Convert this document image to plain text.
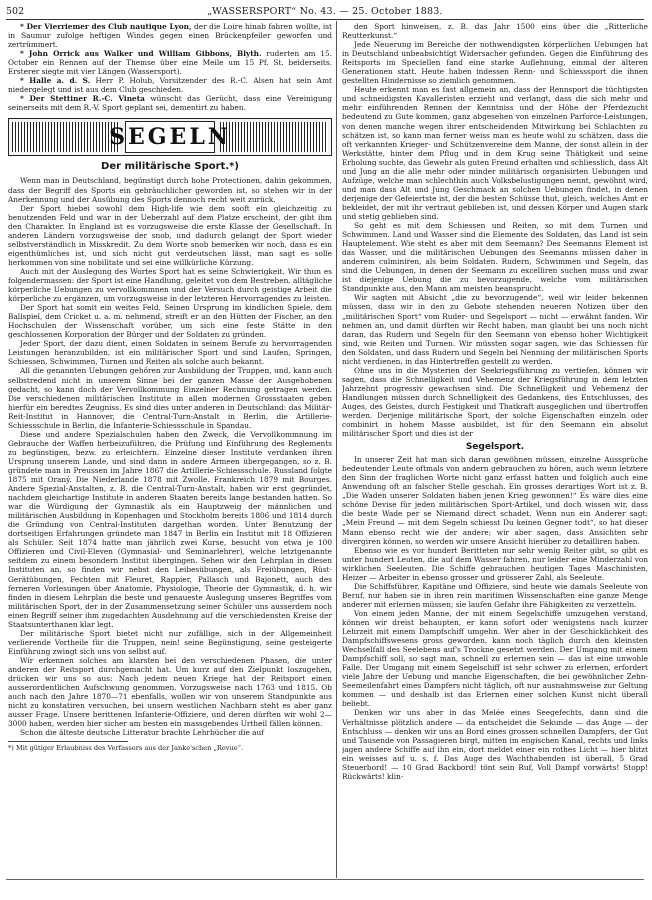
502	„WASSERSPORT“ No. 43. — 25. October 1883.

* Der Vierriemer des Club nautique Lyon, der die Loire hinab fahren wollte, ist in Saumur zufolge heftigen Windes gegen einen Brückenpfeiler geworfen und zertrümmert.

* John Orrick aus Walker und William Gibbons, Blyth. ruderten am 15. October ein Rennen auf der Themse über eine Meile um 15 Pf. St. beiderseits. Ersterer siegte mit vier Längen (Wassersport).

* Halle a. d. S. Herr P. Holub, Vorsitzender des R.-C. Alsen hat sein Amt niedergelegt und ist aus dem Club geschieden.

* Der Stettiner R.-C. Vineta wünscht das Gerücht, dass eine Vereinigung seinerseits mit dem R.-V. Sport geplant sei, dementirt zu haben.

SEGELN
Der militärische Sport.*)

Wenn man in Deutschland, begünstigt durch hohe Protectionen, dahin gekommen, dass der Begriff des Sports ein gebräuchlicher geworden ist, so stehen wir in der Anerkennung und der Ausübung des Sports dennoch recht weit zurück.

Der Sport hiebei sowohl dem High-life wie dem sooft ein gleichzeitig zu benutzenden Feld und war in der Ueberzahl auf dem Platze erscheint, der gibt ihm den Charakter. In England ist es vorzugsweise die erste Klasse der Gesellschaft. In anderen Ländern vorzugsweise der snob, und dadurch gelangt der Sport wieder selbstverständlich in Misskredit. Zu dem Worte snob bemerken wir noch, dass es ein eigenthümliches ist, und sich nicht gut verdeutschen lässt, man sagt es solle herkommen von sine nobilitate und sei eine willkürliche Kürzung.

Auch mit der Auslegung des Wortes Sport hat es seine Schwierigkeit. Wir thun es folgendermassen: der Sport ist eine Handlung, geleitet von dem Bestreben, alltägliche körperliche Uebungen zu vervollkommnen und der Versuch durch geistige Arbeit die körperliche zu ergänzen, um vorzugsweise in der letzteren Hervorragendes zu leisten.

Der Sport hat somit ein weites Feld. Seinen Ursprung im kindlichen Spiele, dem Ballspiel, dem Cricket u. a. m. nehmend, streift er an den Hütten der Fischer, an den Hochschulen der Wissenschaft vorüber, um sich eine feste Stätte in den geschlossenen Korporation der Bürger und der Soldaten zu gründen.

Jeder Sport, der dazu dient, einen Soldaten in seinem Berufe zu hervorragenden Leistungen heranzubilden, ist ein militärischer Sport und sind Laufen, Springen, Schiessen, Schwimmen, Turnen und Reiten als solche auch bekannt.

All die genannten Uebungen gehören zur Ausbildung der Truppen, und, kann auch selbstredend nicht in unserem Sinne bei der ganzen Masse der Ausgehobenen gedacht, so kann doch der Vervollkommung Einzelner Rechnung getragen werden. Die verschiedenen militärischen Institute in allen modernen Grossstaaten geben hierfür ein beredtes Zeugniss. Es sind dies unter anderen in Deutschland: das Militär-Reit-Institut in Hannover, die Central-Turn-Anstalt in Berlin, die Artillerie-Schiessschule in Berlin, die Infanterie-Schiessschule in Spandau.

Diese und andere Spezialschulen haben den Zweck, die Vervollkommnung im Gebrauche der Waffen herbeizuführen, die Prüfung und Einführung des Reglements zu begünstigen, bezw. zu erleichtern. Einzelne dieser Institute verdanken ihren Ursprung unserem Lande, und sind dann in andere Armeen übergegangen, so z. B. gründete man in Preussen im Jahre 1867 die Artillerie-Schiessschule. Russland folgte 1875 mit Oraný. Die Niederlande 1878 mit Zwolle. Frankreich 1879 mit Bourges. Andere Spezial-Anstalten, z. B. die Central-Turn-Anstalt, haben wir erst gegründet, nachdem gleichartige Institute in anderen Staaten bereits lange bestanden hatten. So war die Würdigung der Gymnastik als ein Hauptzweig der männlichen und militärischen Ausbildung in Kopenhagen und Stockholm bereits 1806 und 1814 durch die Gründung von Central-Instituten dargethan worden. Unter Benutzung der dortseitigen Erfahrungen gründete man 1847 in Berlin ein Institut mit 18 Offizieren als Schüler. Seit 1874 hatte man jährlich zwei Kurse, besucht von etwa je 100 Offizieren und Civil-Eleven (Gymnasial- und Seminarlehrer), welche letztgenannte seitdem zu einem besondern Institut übergingen. Sehen wir den Lehrplan in diesen Instituten an, so finden wir nebst den Leibesübungen, als Freiübungen, Rüst-Gerätübungen, Fechten mit Fleuret, Rappier, Pallasch und Bajonett, auch des ferneren Vorlesungen über Anatomie, Physiologie, Theorie der Gymnastik, d. h. wir finden in diesem Lehrplan die beste und genaueste Auslegung unseres Begriffes vom militärischen Sport, der in der Zusammensetzung seiner Schüler uns ausserdem noch einen Begriff seiner ihm zugedachten Ausdehnung auf die verschiedensten Kreise der Staatsunterthanen klar legt.

Der militärische Sport bietet nicht nur zufällige, sich in der Allgemeinheit verlierende Vortheile für die Truppen, nein! seine Begünstigung, seine gesteigerte Einführung zwingt sich uns von selbst auf.

Wir erkennen solches am klarsten bei den verschiedenen Phasen, die unter anderen der Reitsport durchgemacht hat. Um kurz auf den Zielpunkt loszugehen, drücken wir uns so aus: Nach jedem neuen Kriege hat der Reitsport einen ausserordentlichen Aufschwung genommen. Vorzugsweise nach 1763 und 1815. Ob auch nach den Jahre 1870—71 ebenfalls, wollen wir von unserem Standpunkte aus nicht zu konstatiren versuchen, bei unsern westlichen Nachbarn steht es aber ganz ausser Frage. Unsere berittenen Infanterie-Offiziere, und deren dürften wir wohl 2—3000 haben, werden hier sicher am besten ein massgebendes Urtheil fällen können.

Schon die älteste deutsche Litteratur brachte Lehrbücher die auf

*) Mit gütiger Erlaubniss des Verfassers aus der Janke'schen „Revue“.

den Sport hinweisen, z. B. das Jahr 1500 eins über die „Ritterliche Reutterkunst.“

Jede Neuerung im Bereiche der nothwendigsten körperlichen Uebungen hat in Deutschland unbeabsichtigt Widersacher gefunden. Gegen die Einführung des Reitsports im Speciellen fand eine starke Auflehnung, einmal der älteren Generationen statt. Heute haben indessen Renn- und Schiesssport die ihnen gestellten Hindernisse so ziemlich genommen.

Heute erkennt man es fast allgemein an, dass der Rennsport die tüchtigsten und schneidigsten Kavalleristen erzieht und verlangt, dass die sich mehr und mehr einführenden Rennen der Kenntniss und der Höhe der Pferdezucht bedeutend zu Gute kommen, ganz abgesehen von einzelnen Parforce-Leistungen, von denen manche wegen ihrer entscheidenden Mitwirkung bei Schlachten zu schätzen ist, so kann man ferner weiss man es heute wohl zu schätzen, dass die oft verkannten Krieger- und Schützenvereine dem Manne, der sonst allein in der Werkstätte, hinter dem Pflug und in dem Krug seine Thätigkeit und seine Erholung suchte, das Gewehr als guten Freund erhalten und schliesslich, dass Alt und Jung an die alle mehr oder minder militärisch organisirten Uebungen und Aufzüge, welche man schlechthin auch Volksbelustigungen nennt, gewöhnt wird, und man dass Alt und Jung Geschmack an solchen Uebungen findet, in denen derjenige der Gefeiertste ist, der die besten Schüsse thut, gleich, welches Amt er bekleidet, der mit ihr vertraut geblieben ist, und dessen Körper und Augen stark und stetig geblieben sind.

So geht es mit dem Schiessen und Reiten, so mit dem Turnen und Schwimmen. Land und Wasser sind die Elemente des Soldaten, das Land ist sein Hauptelement. Wie steht es aber mit dem Seemann? Des Seemanns Element ist das Wasser, und die militärischen Uebungen des Seemanns müssen daher in anderem culminiren, als beim Soldaten. Rudern, Schwimmen und Segeln, das sind die Uebungen, in denen der Seemann zu excelliren suchen muss und zwar ist diejenige Uebung die zu bevorzugende, welche vom militärischen Standpunkte aus, den Mann am meisten beansprucht.

Wir sagten mit Absicht „die zu bevorzugende“, weil wir leider bekennen müssen, dass wir in den zu Gebote stehenden neueren Notizen über den „militärischen Sport“ vom Ruder- und Segelsport — nicht — erwähnt fanden. Wir nehmen an, und damit dürften wir Recht haben, man glaubt bei uns noch nicht daran, das Rudern und Segeln für den Seemann von ebenso hoher Wichtigkeit sind, wie Reiten und Turnen. Wir müssten sogar sagen, wie das Schiessen für den Soldaten, und dass Rudern und Segeln bei Nennung der militärischen Sports nicht verdienen, in das Hintertreffen gestellt zu werden.

Ohne uns in die Mysterien der Seekriegsführung zu vertiefen, können wir sagen, dass die Schnelligkeit und Vehemenz der Kriegsführung in dem letzten Jahrzehnt progressiv gewachsen sind. Die Schnelligkeit und Vehemenz der Handlungen müssen durch Schnelligkeit des Gedankens, des Entschlusses, des Auges, des Geistes, durch Festigkeit und Thatkraft ausgeglichen und übertroffen werden. Derjenige militärische Sport, der solche Eigenschaften einzeln oder combinirt in hohem Masse ausbildet, ist für den Seemann ein absolut militärischer Sport und dies ist der

Segelsport.

In unserer Zeit hat man sich daran gewöhnen müssen, einzelne Aussprüche bedeutender Leute oftmals von andern gebrauchen zu hören, auch wenn letztere den Sinn der fraglichen Worte nicht ganz erfasst hatten und folglich auch eine Anwendung oft an falscher Stelle geschah. Ein grosses derartiges Wort ist z. B. „Die Waden unserer Soldaten haben jenen Krieg gewonnen!“ Es wäre dies eine schöne Devise für jeden militärischen Sport-Artikel, und doch wissen wir, dass die beste Wade per se Niemand direct schadet. Wenn nun ein Anderer sagt: „Mein Freund — mit dem Segeln schiesst Du keinen Gegner todt“, so hat dieser Mann ebenso recht wie der andere; wir aber sagen, dass Ansichten sehr divergiren können, so werden wir unsere Ansicht hierüber zu detailliren haben.

Ebenso wie es vor hundert Beritteten nur sehr wenig Reiter gibt, so gibt es unter hundert Leuten, die auf dem Wasser fahren, nur leider eine Minderzahl von wirklichen Seeleuten. Die Schiffe gebrauchen heutigen Tages Maschinisten, Heizer — Arbeiter in ebenso grosser und grösserer Zahl, als Seeleute.

Die Schiffsführer, Kapitäne und Offiziere, sind heute wie damals Seeleute von Beruf, nur haben sie in ihren rein maritimen Wissenschaften eine ganze Menge anderer mit erlernen müssen; sie laufen Gefahr ihre Fähigkeiten zu verzetteln.

Von einem jeden Manne, der mit einem Segelschiffe umzugehen verstand, können wir dreist behaupten, er kann sofort oder wenigstens nach kurzer Lehrzeit mit einem Dampfschiff umgehn. Wer aber in der Geschicklichkeit des Dampfschiffswesens gross geworden, kann noch täglich durch den kleinsten Wechselfall des Seelebens auf's Trockne gesetzt werden. Der Umgang mit einem Dampfschiff soll, so sagt man, schnell zu erlernen sein — das ist eine unwohle Falle. Der Umgang mit einem Segelschiff ist sehr schwer zu erlernen, erfordert viele Jahre der Uebung und manche Eigenschaften, die bei gewöhnlicher Zehn-Seemeilenfahrt eines Dampfers nicht täglich, oft nur ausnahmsweise zur Geltung kommen — und deshalb ist das Erlernen einer solchen Kunst nicht überall beliebt.

Denken wir uns aber in das Melée eines Seegefechts, dann sind die Verhältnisse plötzlich andere — da entscheidet die Sekunde — das Auge — der Entschluss — denken wir uns an Bord eines grossen schnellen Dampfers, der Gut und Tausende von Passagieren birgt, mitten im engischen Kanal, rechts und links jagen andere Schiffe auf ihn ein, dort meldet einer ein rothes Licht — hier blitzt ein weisses auf u. s. f. Das Auge des Wachthabenden ist überall, 5 Grad Steuerbord! — 10 Grad Backbord! tönt sein Ruf, Voll Dampf vorwärts! Stopp! Rückwärts! klin-
